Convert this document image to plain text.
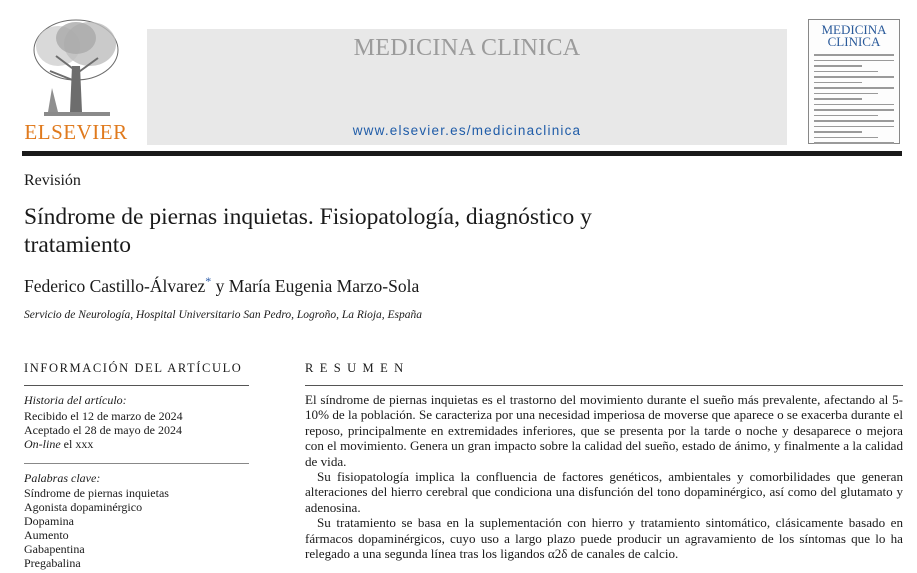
ELSEVIER
MEDICINA CLINICA
www.elsevier.es/medicinaclinica
MEDICINA
CLINICA
Revisión
Síndrome de piernas inquietas. Fisiopatología, diagnóstico y tratamiento
Federico Castillo-Álvarez* y María Eugenia Marzo-Sola
Servicio de Neurología, Hospital Universitario San Pedro, Logroño, La Rioja, España
INFORMACIÓN DEL ARTÍCULO
Historia del artículo:
Recibido el 12 de marzo de 2024
Aceptado el 28 de mayo de 2024
On-line el xxx
Palabras clave:
Síndrome de piernas inquietas
Agonista dopaminérgico
Dopamina
Aumento
Gabapentina
Pregabalina
RESUMEN

El síndrome de piernas inquietas es el trastorno del movimiento durante el sueño más prevalente, afectando al 5-10% de la población. Se caracteriza por una necesidad imperiosa de moverse que aparece o se exacerba durante el reposo, principalmente en extremidades inferiores, que se presenta por la tarde o noche y desaparece o mejora con el movimiento. Genera un gran impacto sobre la calidad del sueño, estado de ánimo, y finalmente a la calidad de vida.

Su fisiopatología implica la confluencia de factores genéticos, ambientales y comorbilidades que generan alteraciones del hierro cerebral que condiciona una disfunción del tono dopaminérgico, así como del glutamato y adenosina.

Su tratamiento se basa en la suplementación con hierro y tratamiento sintomático, clásicamente basado en fármacos dopaminérgicos, cuyo uso a largo plazo puede producir un agravamiento de los síntomas que lo ha relegado a una segunda línea tras los ligandos α2δ de canales de calcio.
